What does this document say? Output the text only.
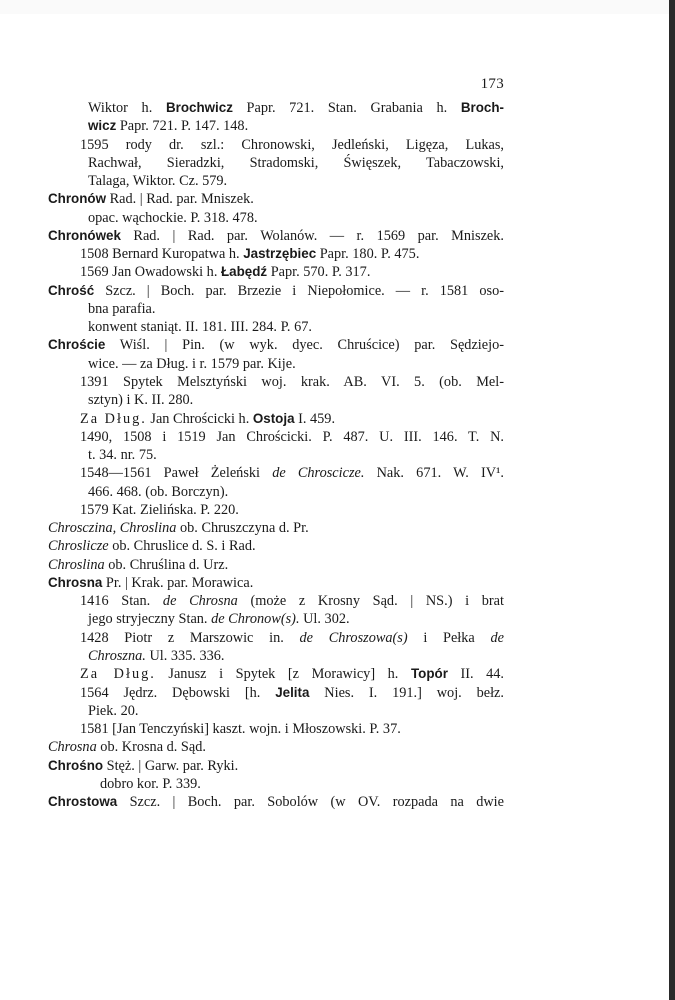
173
Wiktor h. Brochwicz Papr. 721. Stan. Grabania h. Broch-
wicz Papr. 721. P. 147. 148.
1595 rody dr. szl.: Chronowski, Jedleński, Ligęza, Lukas,
Rachwał, Sieradzki, Stradomski, Święszek, Tabaczowski,
Talaga, Wiktor. Cz. 579.
Chronów Rad. | Rad. par. Mniszek.
opac. wąchockie. P. 318. 478.
Chronówek Rad. | Rad. par. Wolanów. — r. 1569 par. Mniszek.
1508 Bernard Kuropatwa h. Jastrzębiec Papr. 180. P. 475.
1569 Jan Owadowski h. Łabędź Papr. 570. P. 317.
Chrość Szcz. | Boch. par. Brzezie i Niepołomice. — r. 1581 oso-
bna parafia.
konwent staniąt. II. 181. III. 284. P. 67.
Chroście Wiśl. | Pin. (w wyk. dyec. Chruścice) par. Sędziejo-
wice. — za Dług. i r. 1579 par. Kije.
1391 Spytek Melsztyński woj. krak. AB. VI. 5. (ob. Mel-
sztyn) i K. II. 280.
Za Dług. Jan Chrościcki h. Ostoja I. 459.
1490, 1508 i 1519 Jan Chrościcki. P. 487. U. III. 146. T. N.
t. 34. nr. 75.
1548—1561 Paweł Żeleński de Chroscicze. Nak. 671. W. IV¹.
466. 468. (ob. Borczyn).
1579 Kat. Zielińska. P. 220.
Chrosczina, Chroslina ob. Chruszczyna d. Pr.
Chroslicze ob. Chruslice d. S. i Rad.
Chroslina ob. Chruślina d. Urz.
Chrosna Pr. | Krak. par. Morawica.
1416 Stan. de Chrosna (może z Krosny Sąd. | NS.) i brat
jego stryjeczny Stan. de Chronow(s). Ul. 302.
1428 Piotr z Marszowic in. de Chroszowa(s) i Pełka de
Chroszna. Ul. 335. 336.
Za Dług. Janusz i Spytek [z Morawicy] h. Topór II. 44.
1564 Jędrz. Dębowski [h. Jelita Nies. I. 191.] woj. bełz.
Piek. 20.
1581 [Jan Tenczyński] kaszt. wojn. i Młoszowski. P. 37.
Chrosna ob. Krosna d. Sąd.
Chrośno Stęż. | Garw. par. Ryki.
dobro kor. P. 339.
Chrostowa Szcz. | Boch. par. Sobolów (w OV. rozpada na dwie
